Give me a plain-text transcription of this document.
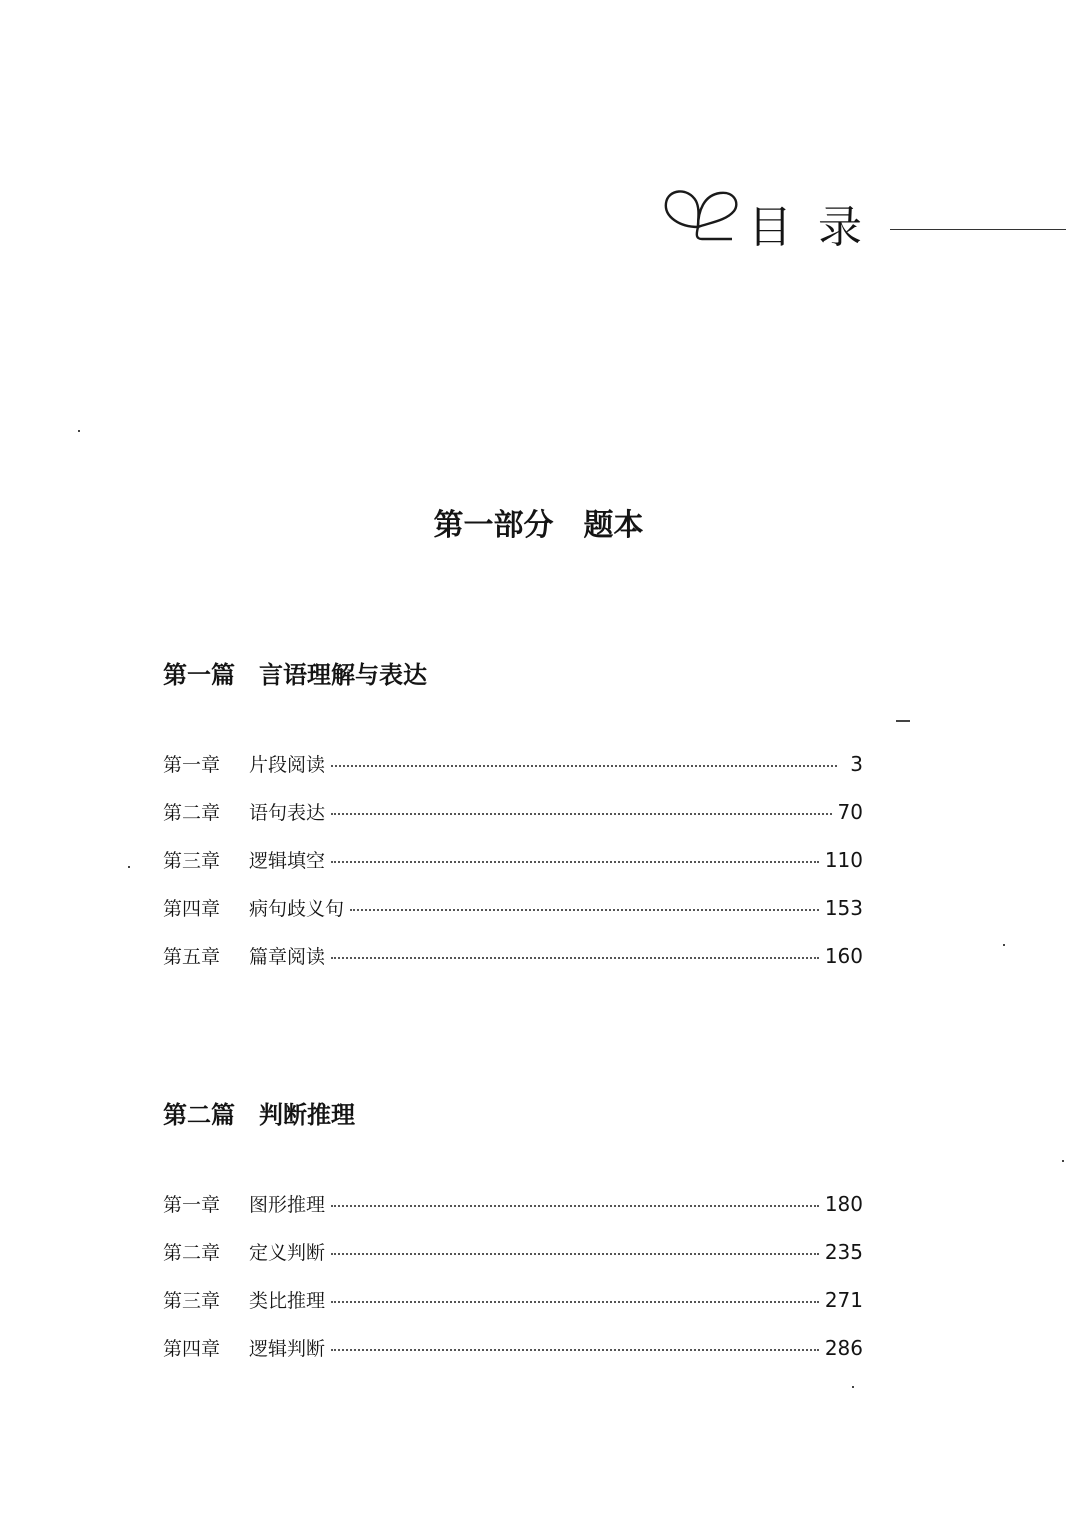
目录
第一部分　题本
第一篇　言语理解与表达
第一章	片段阅读	3
第二章	语句表达	70
第三章	逻辑填空	110
第四章	病句歧义句	153
第五章	篇章阅读	160
第二篇　判断推理
第一章	图形推理	180
第二章	定义判断	235
第三章	类比推理	271
第四章	逻辑判断	286
